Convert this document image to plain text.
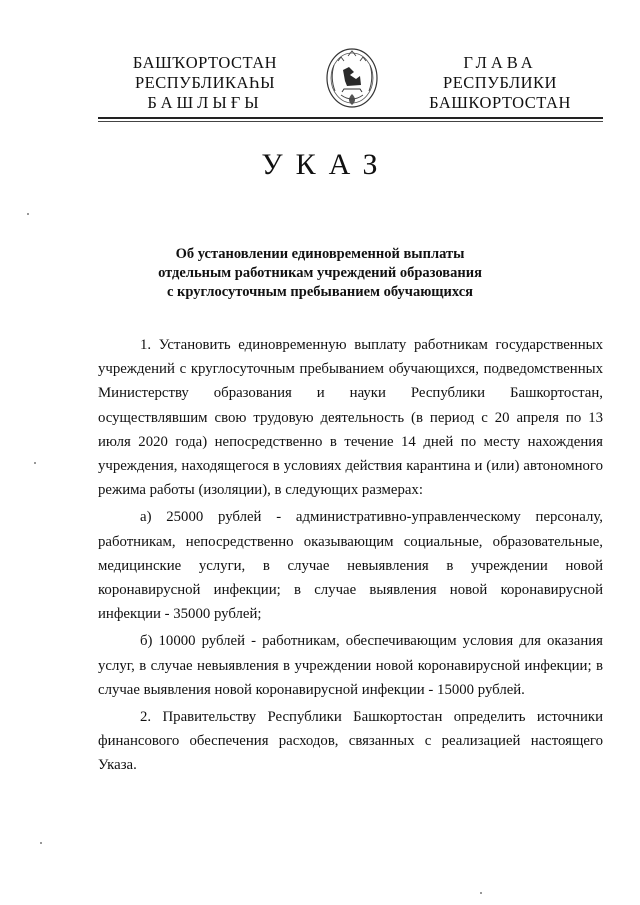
БАШҠОРТОСТАН
РЕСПУБЛИКАҺЫ
БАШЛЫҒЫ
ГЛАВА
РЕСПУБЛИКИ
БАШКОРТОСТАН
УКАЗ
Об установлении единовременной выплаты
отдельным работникам учреждений образования
с круглосуточным пребыванием обучающихся

1. Установить единовременную выплату работникам государственных учреждений с круглосуточным пребыванием обучающихся, подведомственных Министерству образования и науки Республики Башкортостан, осуществлявшим свою трудовую деятельность (в период с 20 апреля по 13 июля 2020 года) непосредственно в течение 14 дней по месту нахождения учреждения, находящегося в условиях действия карантина и (или) автономного режима работы (изоляции), в следующих размерах:

а) 25000 рублей - административно-управленческому персоналу, работникам, непосредственно оказывающим социальные, образовательные, медицинские услуги, в случае невыявления в учреждении новой коронавирусной инфекции; в случае выявления новой коронавирусной инфекции - 35000 рублей;

б) 10000 рублей - работникам, обеспечивающим условия для оказания услуг, в случае невыявления в учреждении новой коронавирусной инфекции; в случае выявления новой коронавирусной инфекции - 15000 рублей.

2. Правительству Республики Башкортостан определить источники финансового обеспечения расходов, связанных с реализацией настоящего Указа.
